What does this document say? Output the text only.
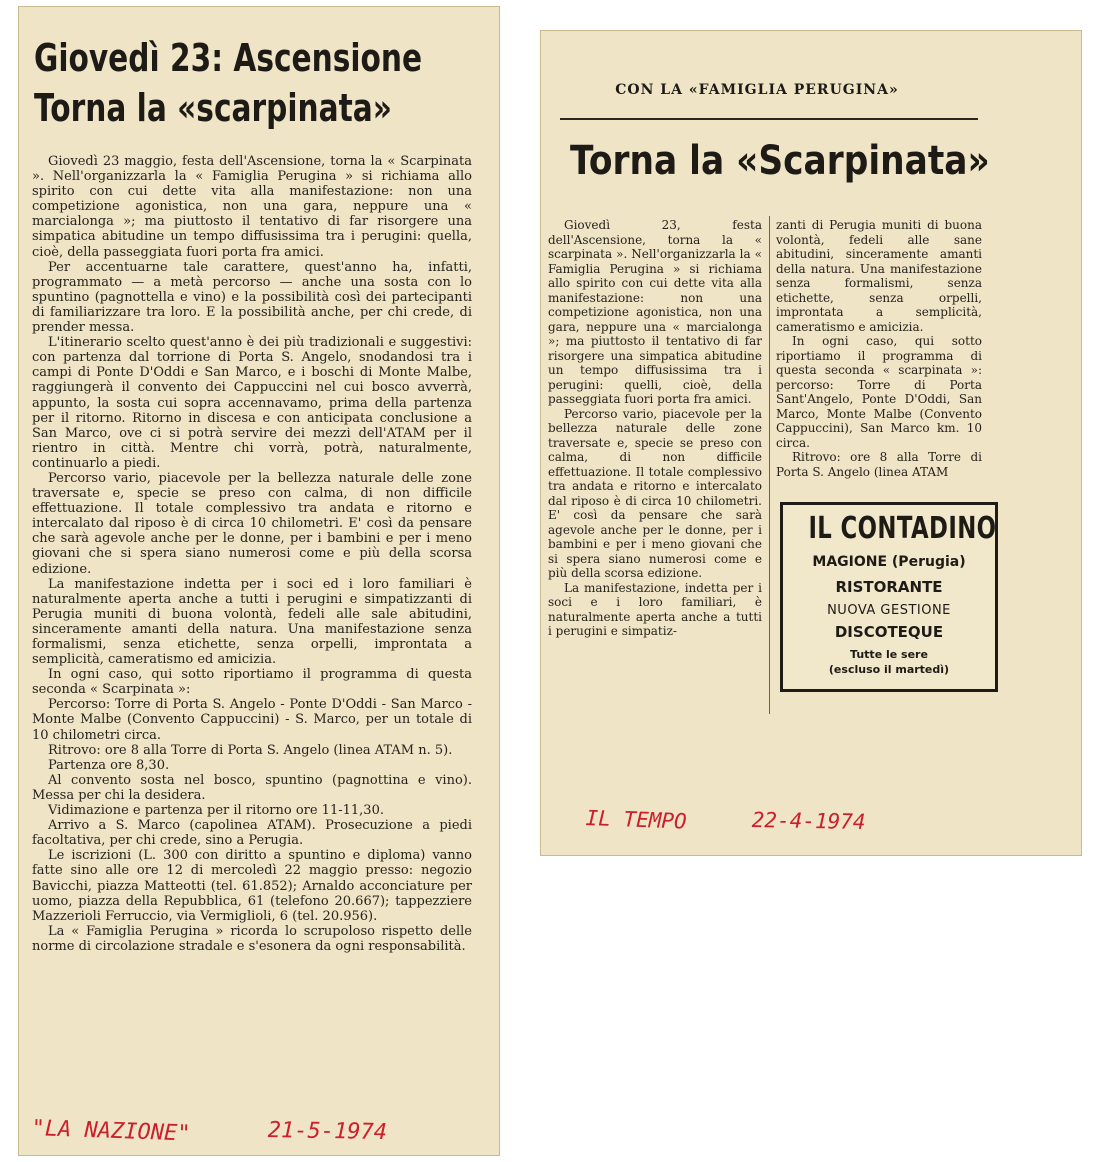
Giovedì 23: Ascensione
Torna la «scarpinata»

Giovedì 23 maggio, festa dell'Ascensione, torna la « Scarpinata ». Nell'organizzarla la « Famiglia Perugina » si richiama allo spirito con cui dette vita alla manifestazione: non una competizione agonistica, non una gara, neppure una « marcialonga »; ma piuttosto il tentativo di far risorgere una simpatica abitudine un tempo diffusissima tra i perugini: quella, cioè, della passeggiata fuori porta fra amici.

Per accentuarne tale carattere, quest'anno ha, infatti, programmato — a metà percorso — anche una sosta con lo spuntino (pagnottella e vino) e la possibilità così dei partecipanti di familiarizzare tra loro. E la possibilità anche, per chi crede, di prender messa.

L'itinerario scelto quest'anno è dei più tradizionali e suggestivi: con partenza dal torrione di Porta S. Angelo, snodandosi tra i campi di Ponte D'Oddi e San Marco, e i boschi di Monte Malbe, raggiungerà il convento dei Cappuccini nel cui bosco avverrà, appunto, la sosta cui sopra accennavamo, prima della partenza per il ritorno. Ritorno in discesa e con anticipata conclusione a San Marco, ove ci si potrà servire dei mezzi dell'ATAM per il rientro in città. Mentre chi vorrà, potrà, naturalmente, continuarlo a piedi.

Percorso vario, piacevole per la bellezza naturale delle zone traversate e, specie se preso con calma, di non difficile effettuazione. Il totale complessivo tra andata e ritorno e intercalato dal riposo è di circa 10 chilometri. E' così da pensare che sarà agevole anche per le donne, per i bambini e per i meno giovani che si spera siano numerosi come e più della scorsa edizione.

La manifestazione indetta per i soci ed i loro familiari è naturalmente aperta anche a tutti i perugini e simpatizzanti di Perugia muniti di buona volontà, fedeli alle sale abitudini, sinceramente amanti della natura. Una manifestazione senza formalismi, senza etichette, senza orpelli, improntata a semplicità, cameratismo ed amicizia.

In ogni caso, qui sotto riportiamo il programma di questa seconda « Scarpinata »:

Percorso: Torre di Porta S. Angelo - Ponte D'Oddi - San Marco - Monte Malbe (Convento Cappuccini) - S. Marco, per un totale di 10 chilometri circa.

Ritrovo: ore 8 alla Torre di Porta S. Angelo (linea ATAM n. 5).

Partenza ore 8,30.

Al convento sosta nel bosco, spuntino (pagnottina e vino). Messa per chi la desidera.

Vidimazione e partenza per il ritorno ore 11-11,30.

Arrivo a S. Marco (capolinea ATAM). Prosecuzione a piedi facoltativa, per chi crede, sino a Perugia.

Le iscrizioni (L. 300 con diritto a spuntino e diploma) vanno fatte sino alle ore 12 di mercoledì 22 maggio presso: negozio Bavicchi, piazza Matteotti (tel. 61.852); Arnaldo acconciature per uomo, piazza della Repubblica, 61 (telefono 20.667); tappezziere Mazzerioli Ferruccio, via Vermiglioli, 6 (tel. 20.956).

La « Famiglia Perugina » ricorda lo scrupoloso rispetto delle norme di circolazione stradale e s'esonera da ogni responsabilità.

"LA NAZIONE"	21-5-1974
CON LA «FAMIGLIA PERUGINA»
Torna la «Scarpinata»

Giovedì 23, festa dell'Ascensione, torna la « scarpinata ». Nell'organizzarla la « Famiglia Perugina » si richiama allo spirito con cui dette vita alla manifestazione: non una competizione agonistica, non una gara, neppure una « marcialonga »; ma piuttosto il tentativo di far risorgere una simpatica abitudine un tempo diffusissima tra i perugini: quelli, cioè, della passeggiata fuori porta fra amici.

Percorso vario, piacevole per la bellezza naturale delle zone traversate e, specie se preso con calma, di non difficile effettuazione. Il totale complessivo tra andata e ritorno e intercalato dal riposo è di circa 10 chilometri. E' così da pensare che sarà agevole anche per le donne, per i bambini e per i meno giovani che si spera siano numerosi come e più della scorsa edizione.

La manifestazione, indetta per i soci e i loro familiari, è naturalmente aperta anche a tutti i perugini e simpatiz-

zanti di Perugia muniti di buona volontà, fedeli alle sane abitudini, sinceramente amanti della natura. Una manifestazione senza formalismi, senza etichette, senza orpelli, improntata a semplicità, cameratismo e amicizia.

In ogni caso, qui sotto riportiamo il programma di questa seconda « scarpinata »: percorso: Torre di Porta Sant'Angelo, Ponte D'Oddi, San Marco, Monte Malbe (Convento Cappuccini), San Marco km. 10 circa.

Ritrovo: ore 8 alla Torre di Porta S. Angelo (linea ATAM

IL CONTADINO
MAGIONE (Perugia)
RISTORANTE
NUOVA GESTIONE
DISCOTEQUE
Tutte le sere
(escluso il martedì)
IL TEMPO	22-4-1974
